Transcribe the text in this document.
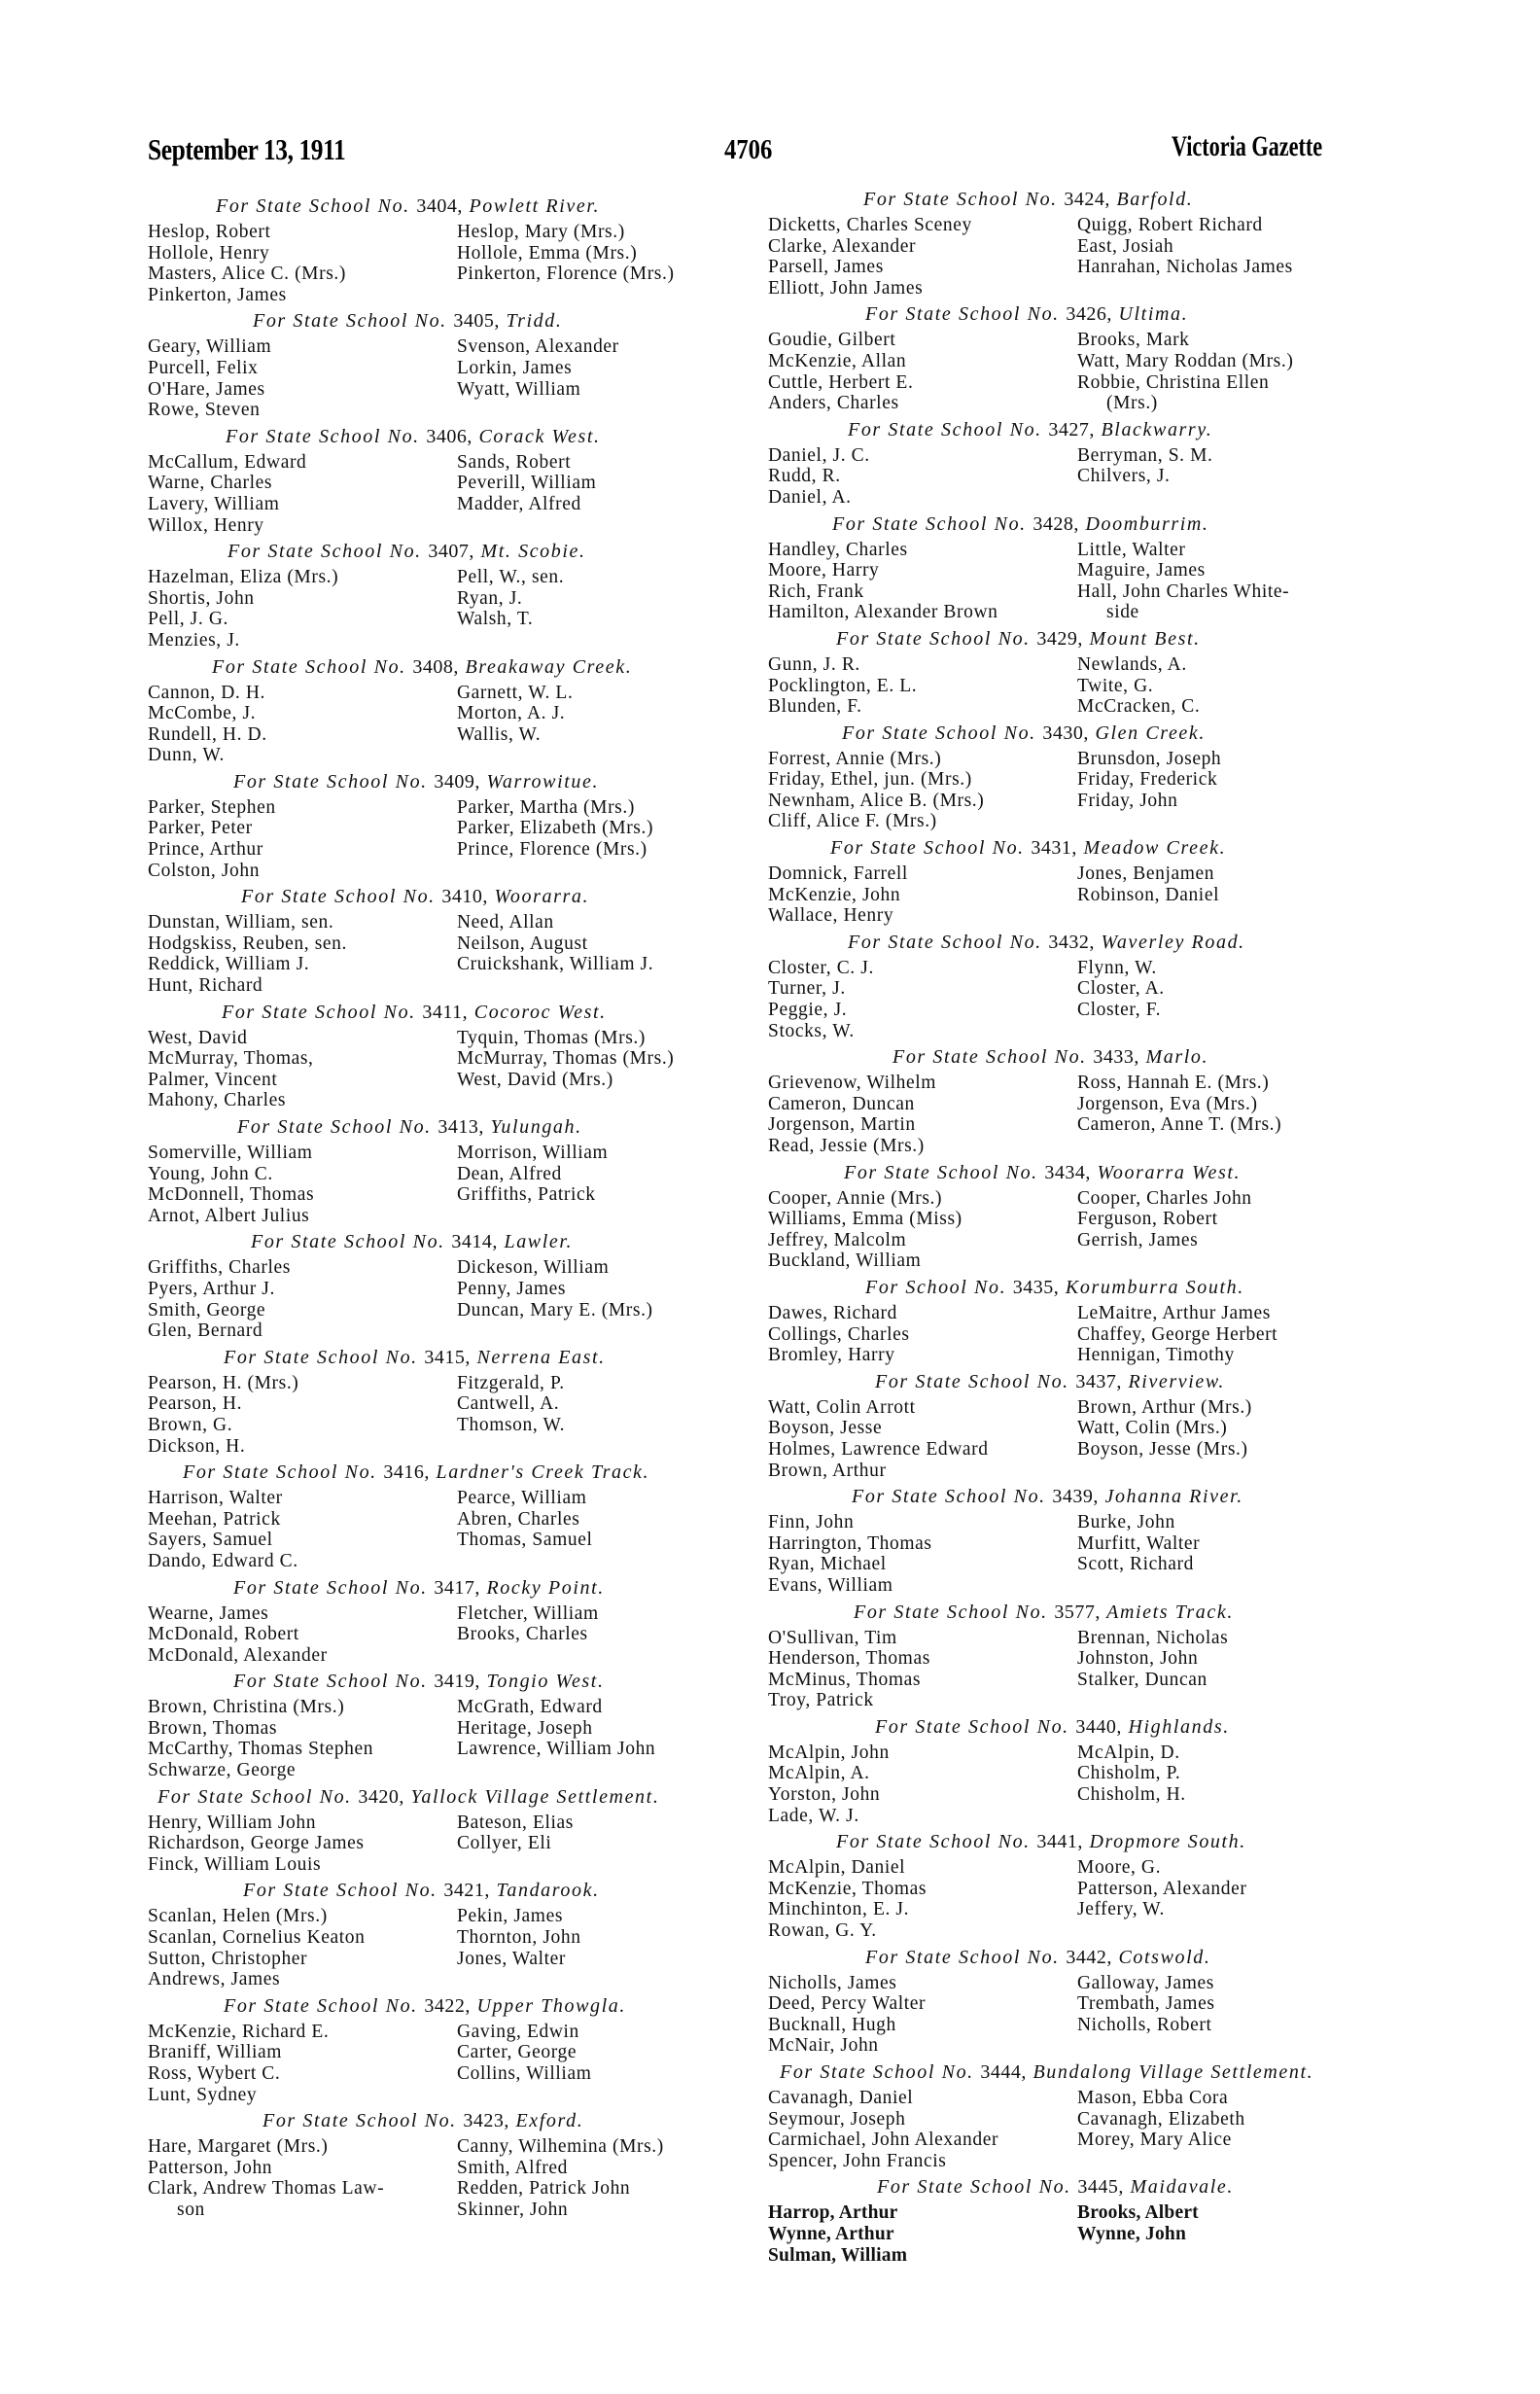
September 13, 1911	4706	Victoria Gazette
For State School No. 3404, Powlett River.
Heslop, Robert	Heslop, Mary (Mrs.)
Hollole, Henry	Hollole, Emma (Mrs.)
Masters, Alice C. (Mrs.)	Pinkerton, Florence (Mrs.)
Pinkerton, James
For State School No. 3405, Tridd.
Geary, William	Svenson, Alexander
Purcell, Felix	Lorkin, James
O'Hare, James	Wyatt, William
Rowe, Steven
For State School No. 3406, Corack West.
McCallum, Edward	Sands, Robert
Warne, Charles	Peverill, William
Lavery, William	Madder, Alfred
Willox, Henry
For State School No. 3407, Mt. Scobie.
Hazelman, Eliza (Mrs.)	Pell, W., sen.
Shortis, John	Ryan, J.
Pell, J. G.	Walsh, T.
Menzies, J.
For State School No. 3408, Breakaway Creek.
Cannon, D. H.	Garnett, W. L.
McCombe, J.	Morton, A. J.
Rundell, H. D.	Wallis, W.
Dunn, W.
For State School No. 3409, Warrowitue.
Parker, Stephen	Parker, Martha (Mrs.)
Parker, Peter	Parker, Elizabeth (Mrs.)
Prince, Arthur	Prince, Florence (Mrs.)
Colston, John
For State School No. 3410, Woorarra.
Dunstan, William, sen.	Need, Allan
Hodgskiss, Reuben, sen.	Neilson, August
Reddick, William J.	Cruickshank, William J.
Hunt, Richard
For State School No. 3411, Cocoroc West.
West, David	Tyquin, Thomas (Mrs.)
McMurray, Thomas,	McMurray, Thomas (Mrs.)
Palmer, Vincent	West, David (Mrs.)
Mahony, Charles
For State School No. 3413, Yulungah.
Somerville, William	Morrison, William
Young, John C.	Dean, Alfred
McDonnell, Thomas	Griffiths, Patrick
Arnot, Albert Julius
For State School No. 3414, Lawler.
Griffiths, Charles	Dickeson, William
Pyers, Arthur J.	Penny, James
Smith, George	Duncan, Mary E. (Mrs.)
Glen, Bernard
For State School No. 3415, Nerrena East.
Pearson, H. (Mrs.)	Fitzgerald, P.
Pearson, H.	Cantwell, A.
Brown, G.	Thomson, W.
Dickson, H.
For State School No. 3416, Lardner's Creek Track.
Harrison, Walter	Pearce, William
Meehan, Patrick	Abren, Charles
Sayers, Samuel	Thomas, Samuel
Dando, Edward C.
For State School No. 3417, Rocky Point.
Wearne, James	Fletcher, William
McDonald, Robert	Brooks, Charles
McDonald, Alexander
For State School No. 3419, Tongio West.
Brown, Christina (Mrs.)	McGrath, Edward
Brown, Thomas	Heritage, Joseph
McCarthy, Thomas Stephen	Lawrence, William John
Schwarze, George
For State School No. 3420, Yallock Village Settlement.
Henry, William John	Bateson, Elias
Richardson, George James	Collyer, Eli
Finck, William Louis
For State School No. 3421, Tandarook.
Scanlan, Helen (Mrs.)	Pekin, James
Scanlan, Cornelius Keaton	Thornton, John
Sutton, Christopher	Jones, Walter
Andrews, James
For State School No. 3422, Upper Thowgla.
McKenzie, Richard E.	Gaving, Edwin
Braniff, William	Carter, George
Ross, Wybert C.	Collins, William
Lunt, Sydney
For State School No. 3423, Exford.
Hare, Margaret (Mrs.)	Canny, Wilhemina (Mrs.)
Patterson, John	Smith, Alfred
Clark, Andrew Thomas Law-	Redden, Patrick John
son	Skinner, John
For State School No. 3424, Barfold.
Dicketts, Charles Sceney	Quigg, Robert Richard
Clarke, Alexander	East, Josiah
Parsell, James	Hanrahan, Nicholas James
Elliott, John James
For State School No. 3426, Ultima.
Goudie, Gilbert	Brooks, Mark
McKenzie, Allan	Watt, Mary Roddan (Mrs.)
Cuttle, Herbert E.	Robbie, Christina Ellen
Anders, Charles	(Mrs.)
For State School No. 3427, Blackwarry.
Daniel, J. C.	Berryman, S. M.
Rudd, R.	Chilvers, J.
Daniel, A.
For State School No. 3428, Doomburrim.
Handley, Charles	Little, Walter
Moore, Harry	Maguire, James
Rich, Frank	Hall, John Charles White-
Hamilton, Alexander Brown	side
For State School No. 3429, Mount Best.
Gunn, J. R.	Newlands, A.
Pocklington, E. L.	Twite, G.
Blunden, F.	McCracken, C.
For State School No. 3430, Glen Creek.
Forrest, Annie (Mrs.)	Brunsdon, Joseph
Friday, Ethel, jun. (Mrs.)	Friday, Frederick
Newnham, Alice B. (Mrs.)	Friday, John
Cliff, Alice F. (Mrs.)
For State School No. 3431, Meadow Creek.
Domnick, Farrell	Jones, Benjamen
McKenzie, John	Robinson, Daniel
Wallace, Henry
For State School No. 3432, Waverley Road.
Closter, C. J.	Flynn, W.
Turner, J.	Closter, A.
Peggie, J.	Closter, F.
Stocks, W.
For State School No. 3433, Marlo.
Grievenow, Wilhelm	Ross, Hannah E. (Mrs.)
Cameron, Duncan	Jorgenson, Eva (Mrs.)
Jorgenson, Martin	Cameron, Anne T. (Mrs.)
Read, Jessie (Mrs.)
For State School No. 3434, Woorarra West.
Cooper, Annie (Mrs.)	Cooper, Charles John
Williams, Emma (Miss)	Ferguson, Robert
Jeffrey, Malcolm	Gerrish, James
Buckland, William
For School No. 3435, Korumburra South.
Dawes, Richard	LeMaitre, Arthur James
Collings, Charles	Chaffey, George Herbert
Bromley, Harry	Hennigan, Timothy
For State School No. 3437, Riverview.
Watt, Colin Arrott	Brown, Arthur (Mrs.)
Boyson, Jesse	Watt, Colin (Mrs.)
Holmes, Lawrence Edward	Boyson, Jesse (Mrs.)
Brown, Arthur
For State School No. 3439, Johanna River.
Finn, John	Burke, John
Harrington, Thomas	Murfitt, Walter
Ryan, Michael	Scott, Richard
Evans, William
For State School No. 3577, Amiets Track.
O'Sullivan, Tim	Brennan, Nicholas
Henderson, Thomas	Johnston, John
McMinus, Thomas	Stalker, Duncan
Troy, Patrick
For State School No. 3440, Highlands.
McAlpin, John	McAlpin, D.
McAlpin, A.	Chisholm, P.
Yorston, John	Chisholm, H.
Lade, W. J.
For State School No. 3441, Dropmore South.
McAlpin, Daniel	Moore, G.
McKenzie, Thomas	Patterson, Alexander
Minchinton, E. J.	Jeffery, W.
Rowan, G. Y.
For State School No. 3442, Cotswold.
Nicholls, James	Galloway, James
Deed, Percy Walter	Trembath, James
Bucknall, Hugh	Nicholls, Robert
McNair, John
For State School No. 3444, Bundalong Village Settlement.
Cavanagh, Daniel	Mason, Ebba Cora
Seymour, Joseph	Cavanagh, Elizabeth
Carmichael, John Alexander	Morey, Mary Alice
Spencer, John Francis
For State School No. 3445, Maidavale.
Harrop, Arthur	Brooks, Albert
Wynne, Arthur	Wynne, John
Sulman, William
